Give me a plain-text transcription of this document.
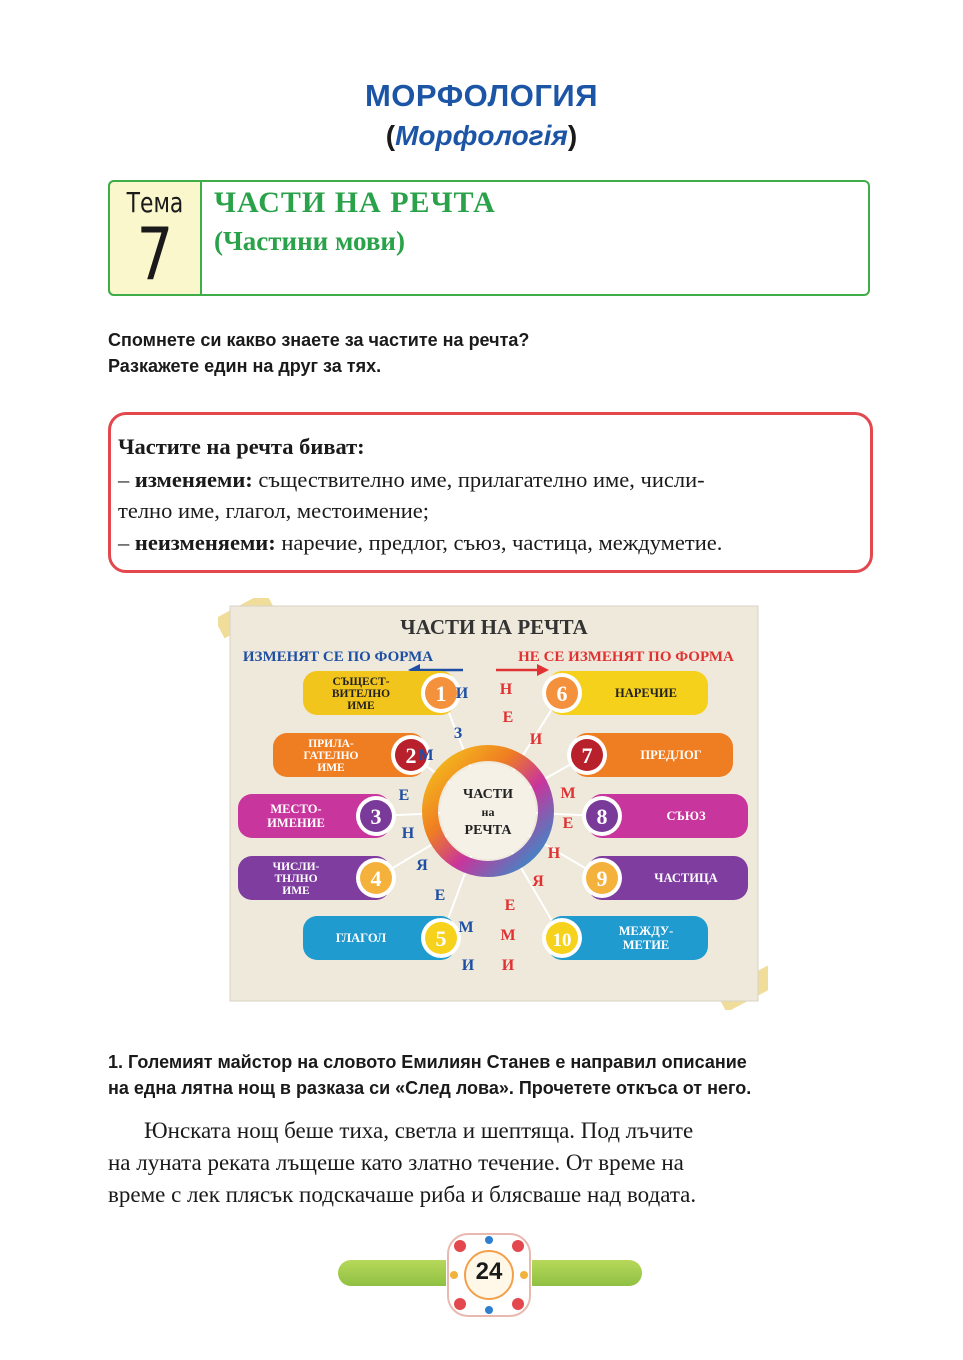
МОРФОЛОГИЯ
(Морфологія)
Тема
7
ЧАСТИ НА РЕЧТА
(Частини мови)
Спомнете си какво знаете за частите на речта?
Разкажете един на друг за тях.
Частите на речта биват:
– изменяеми: съществително име, прилагателно име, числи-
телно име, глагол, местоимение;
– неизменяеми: наречие, предлог, съюз, частица, междуметие.
ЧАСТИ НА РЕЧТА
ИЗМЕНЯТ СЕ ПО ФОРМА	НЕ СЕ ИЗМЕНЯТ ПО ФОРМА
1
СЪЩЕСТ-
ВИТЕЛНО
ИМЕ
2
ПРИЛА-
ГАТЕЛНО
ИМЕ
3
МЕСТО-
ИМЕНИЕ
4
ЧИСЛИ-
ТНЛНО
ИМЕ
5
ГЛАГОЛ
6	НАРЕЧИЕ
7	ПРЕДЛОГ
8	СЪЮЗ
9	ЧАСТИЦА
10	МЕЖДУ-
МЕТИЕ
И
З
М
Е
Н
Я
Е
М
И
Н
Е
И
З
М
Е
Н
Я
Е
М
И
ЧАСТИ
на
РЕЧТА
1. Големият майстор на словото Емилиян Станев е направил описание
на една лятна нощ в разказа си «След лова». Прочетете откъса от него.
Юнската нощ беше тиха, светла и шептяща. Под лъчите
на луната реката лъщеше като златно течение. От време на
време с лек плясък подскачаше риба и блясваше над водата.
24
